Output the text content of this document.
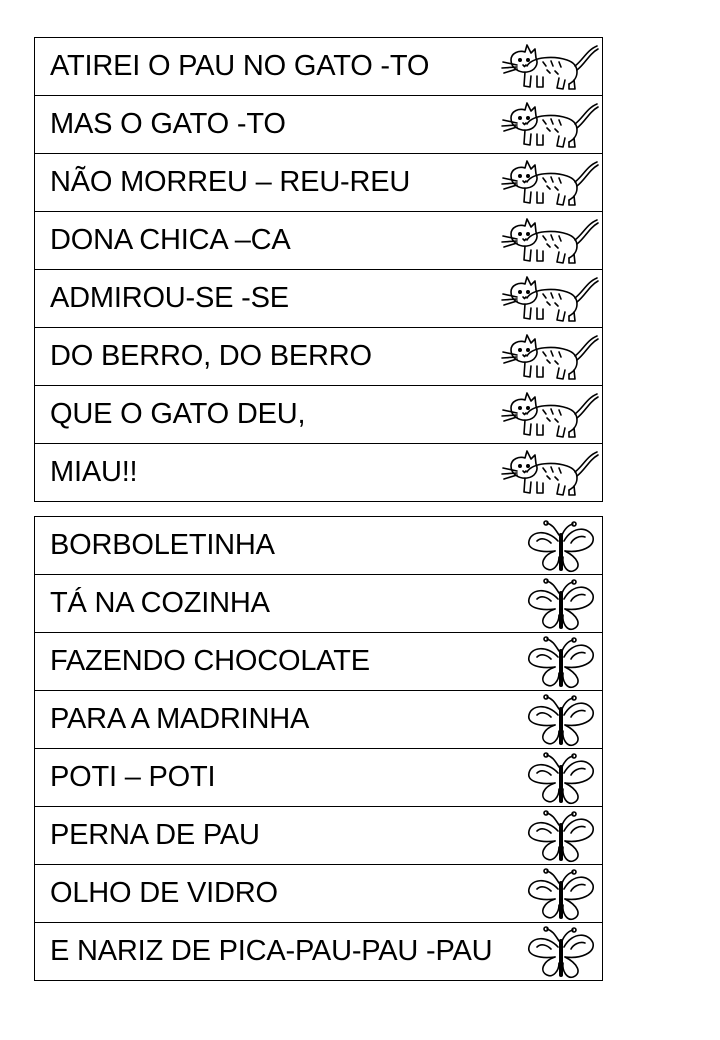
ATIREI O PAU NO GATO -TO
MAS O GATO -TO
NÃO MORREU – REU-REU
DONA CHICA –CA
ADMIROU-SE -SE
DO BERRO, DO BERRO
QUE O GATO DEU,
MIAU!!
BORBOLETINHA
TÁ NA COZINHA
FAZENDO CHOCOLATE
PARA A MADRINHA
POTI – POTI
PERNA DE PAU
OLHO DE VIDRO
E NARIZ DE PICA-PAU-PAU -PAU
